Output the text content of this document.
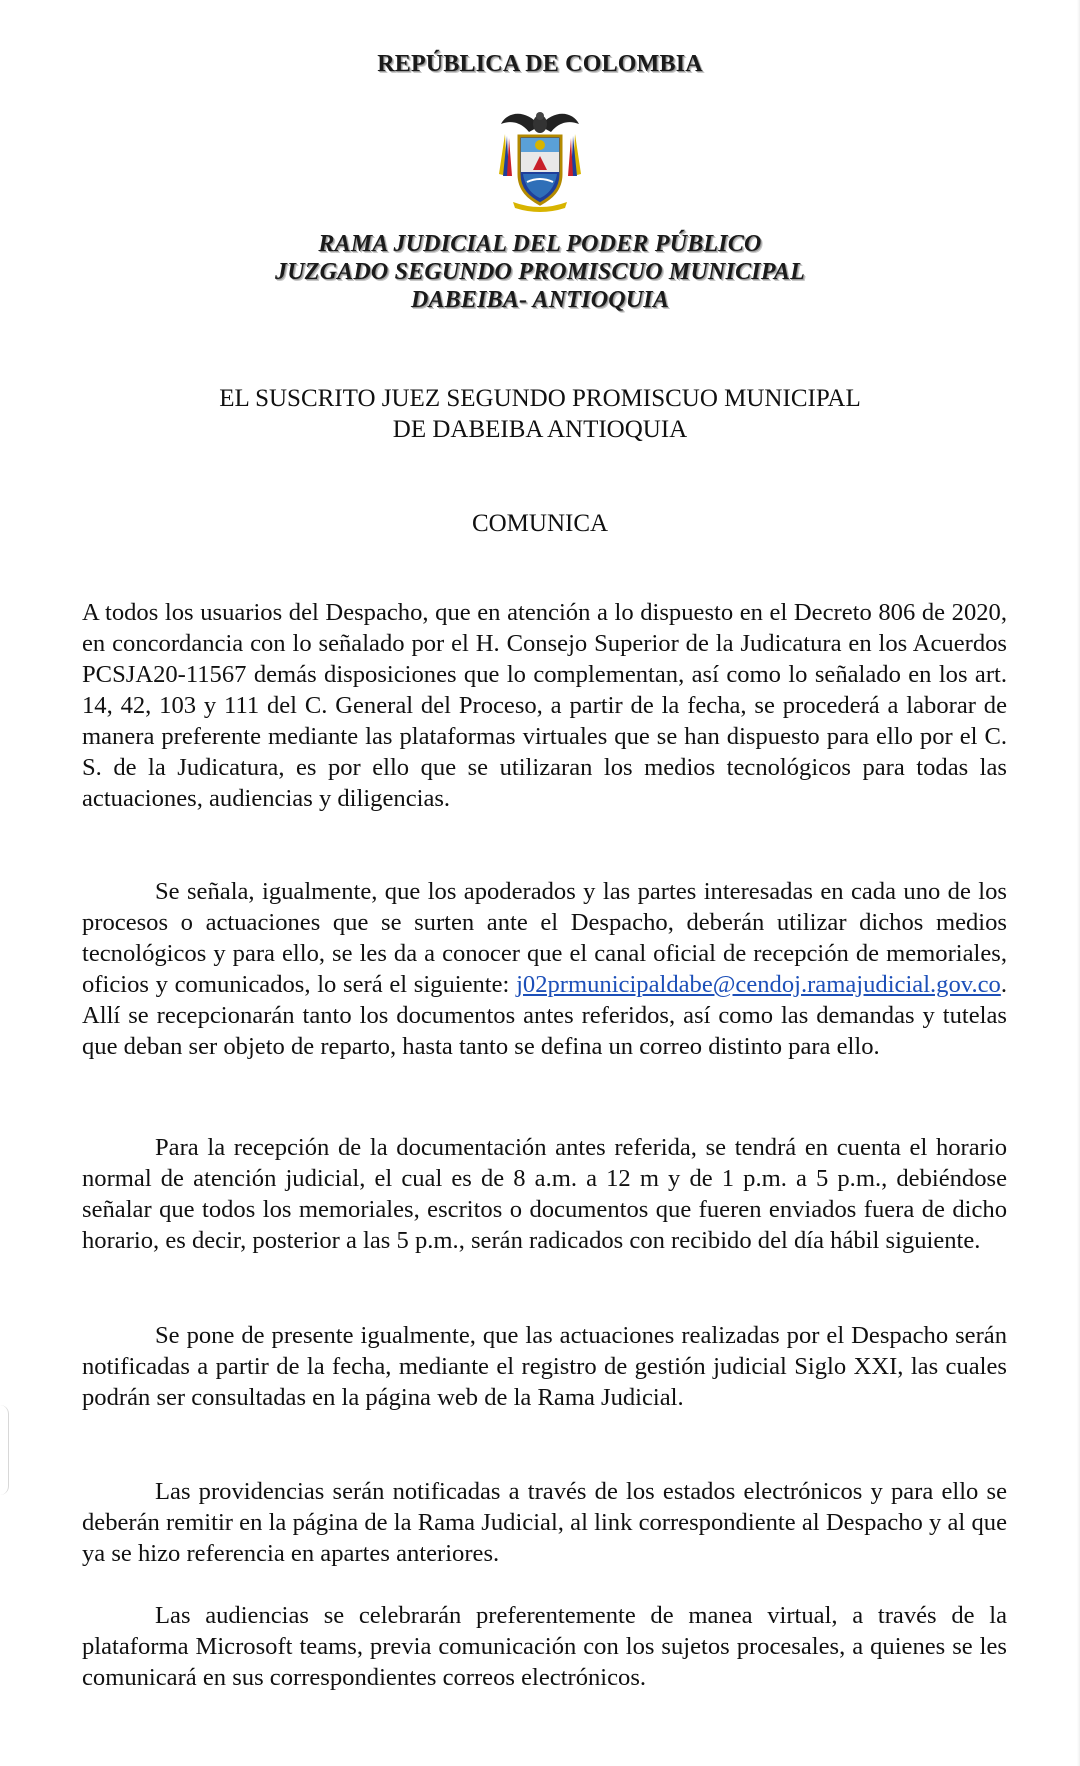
REPÚBLICA DE COLOMBIA
RAMA JUDICIAL DEL PODER PÚBLICO
JUZGADO SEGUNDO PROMISCUO MUNICIPAL
DABEIBA- ANTIOQUIA
EL SUSCRITO JUEZ SEGUNDO PROMISCUO MUNICIPAL
DE DABEIBA ANTIOQUIA
COMUNICA

A todos los usuarios del Despacho, que en atención a lo dispuesto en el Decreto 806 de 2020, en concordancia con lo señalado por el H. Consejo Superior de la Judicatura en los Acuerdos PCSJA20-11567 demás disposiciones que lo complementan, así como lo señalado en los art. 14, 42, 103 y 111 del C. General del Proceso, a partir de la fecha, se procederá a laborar de manera preferente mediante las plataformas virtuales que se han dispuesto para ello por el C. S. de la Judicatura, es por ello que se utilizaran los medios tecnológicos para todas las actuaciones, audiencias y diligencias.

Se señala, igualmente, que los apoderados y las partes interesadas en cada uno de los procesos o actuaciones que se surten ante el Despacho, deberán utilizar dichos medios tecnológicos y para ello, se les da a conocer que el canal oficial de recepción de memoriales, oficios y comunicados, lo será el siguiente: j02prmunicipaldabe@cendoj.ramajudicial.gov.co. Allí se recepcionarán tanto los documentos antes referidos, así como las demandas y tutelas que deban ser objeto de reparto, hasta tanto se defina un correo distinto para ello.

Para la recepción de la documentación antes referida, se tendrá en cuenta el horario normal de atención judicial, el cual es de 8 a.m. a 12 m y de 1 p.m. a 5 p.m., debiéndose señalar que todos los memoriales, escritos o documentos que fueren enviados fuera de dicho horario, es decir, posterior a las 5 p.m., serán radicados con recibido del día hábil siguiente.

Se pone de presente igualmente, que las actuaciones realizadas por el Despacho serán notificadas a partir de la fecha, mediante el registro de gestión judicial Siglo XXI, las cuales podrán ser consultadas en la página web de la Rama Judicial.

Las providencias serán notificadas a través de los estados electrónicos y para ello se deberán remitir en la página de la Rama Judicial, al link correspondiente al Despacho y al que ya se hizo referencia en apartes anteriores.

Las audiencias se celebrarán preferentemente de manea virtual, a través de la plataforma Microsoft teams, previa comunicación con los sujetos procesales, a quienes se les comunicará en sus correspondientes correos electrónicos.
